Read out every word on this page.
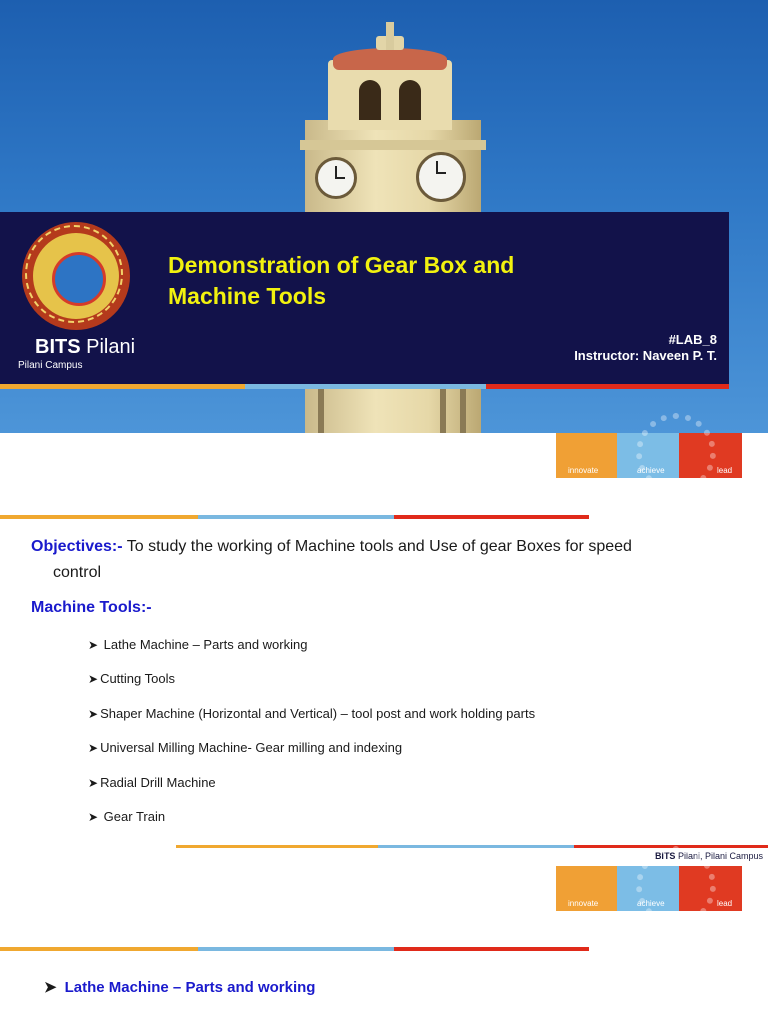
BITS Pilani
Pilani Campus
Demonstration of Gear Box and Machine Tools
#LAB_8
Instructor: Naveen P. T.
innovate	achieve	lead
Objectives:- To study the working of Machine tools and Use of gear Boxes for speed
control
Machine Tools:-
➤ Lathe Machine – Parts and working
➤ Cutting Tools
➤ Shaper Machine (Horizontal and Vertical) – tool post and work holding parts
➤ Universal Milling Machine- Gear milling and indexing
➤ Radial Drill Machine
➤ Gear Train
BITS Pilani, Pilani Campus
innovate	achieve	lead
➤ Lathe Machine – Parts and working
